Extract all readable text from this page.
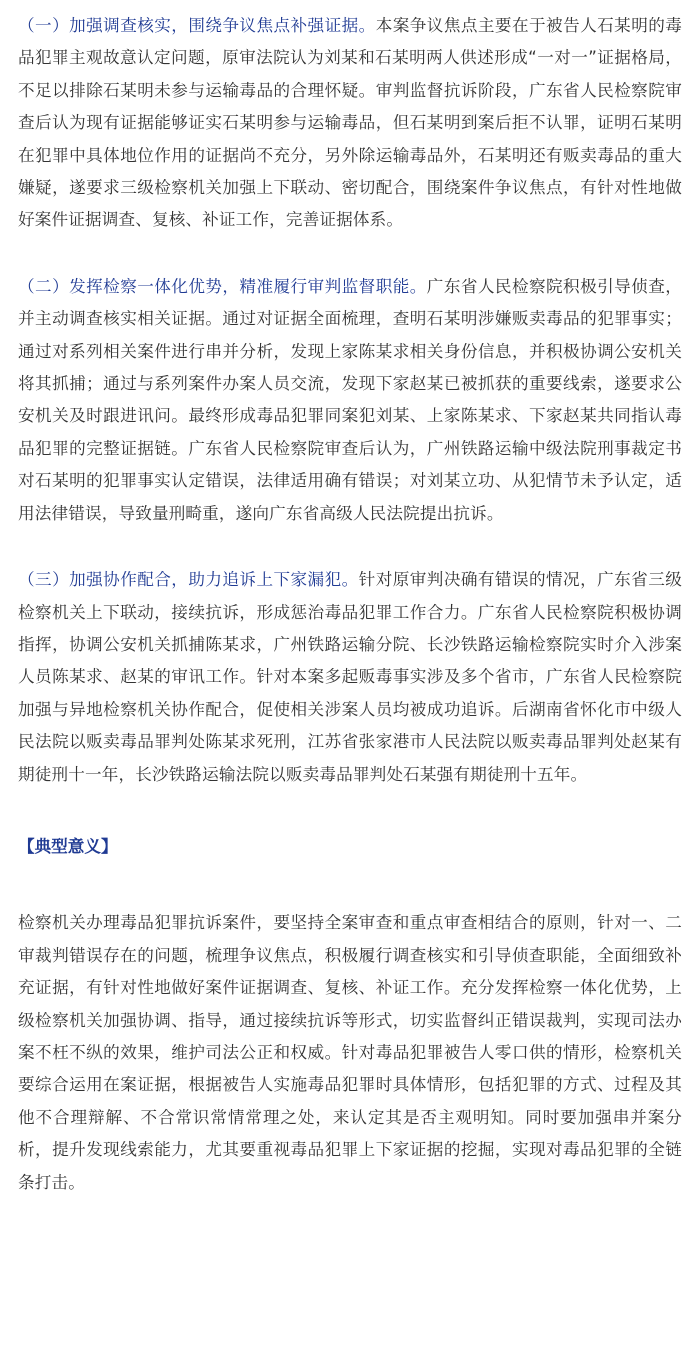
（一）加强调查核实，围绕争议焦点补强证据。本案争议焦点主要在于被告人石某明的毒品犯罪主观故意认定问题，原审法院认为刘某和石某明两人供述形成“一对一”证据格局，不足以排除石某明未参与运输毒品的合理怀疑。审判监督抗诉阶段，广东省人民检察院审查后认为现有证据能够证实石某明参与运输毒品，但石某明到案后拒不认罪，证明石某明在犯罪中具体地位作用的证据尚不充分，另外除运输毒品外，石某明还有贩卖毒品的重大嫌疑，遂要求三级检察机关加强上下联动、密切配合，围绕案件争议焦点，有针对性地做好案件证据调查、复核、补证工作，完善证据体系。

（二）发挥检察一体化优势，精准履行审判监督职能。广东省人民检察院积极引导侦查，并主动调查核实相关证据。通过对证据全面梳理，查明石某明涉嫌贩卖毒品的犯罪事实；通过对系列相关案件进行串并分析，发现上家陈某求相关身份信息，并积极协调公安机关将其抓捕；通过与系列案件办案人员交流，发现下家赵某已被抓获的重要线索，遂要求公安机关及时跟进讯问。最终形成毒品犯罪同案犯刘某、上家陈某求、下家赵某共同指认毒品犯罪的完整证据链。广东省人民检察院审查后认为，广州铁路运输中级法院刑事裁定书对石某明的犯罪事实认定错误，法律适用确有错误；对刘某立功、从犯情节未予认定，适用法律错误，导致量刑畸重，遂向广东省高级人民法院提出抗诉。

（三）加强协作配合，助力追诉上下家漏犯。针对原审判决确有错误的情况，广东省三级检察机关上下联动，接续抗诉，形成惩治毒品犯罪工作合力。广东省人民检察院积极协调指挥，协调公安机关抓捕陈某求，广州铁路运输分院、长沙铁路运输检察院实时介入涉案人员陈某求、赵某的审讯工作。针对本案多起贩毒事实涉及多个省市，广东省人民检察院加强与异地检察机关协作配合，促使相关涉案人员均被成功追诉。后湖南省怀化市中级人民法院以贩卖毒品罪判处陈某求死刑，江苏省张家港市人民法院以贩卖毒品罪判处赵某有期徒刑十一年，长沙铁路运输法院以贩卖毒品罪判处石某强有期徒刑十五年。

【典型意义】

检察机关办理毒品犯罪抗诉案件，要坚持全案审查和重点审查相结合的原则，针对一、二审裁判错误存在的问题，梳理争议焦点，积极履行调查核实和引导侦查职能，全面细致补充证据，有针对性地做好案件证据调查、复核、补证工作。充分发挥检察一体化优势，上级检察机关加强协调、指导，通过接续抗诉等形式，切实监督纠正错误裁判，实现司法办案不枉不纵的效果，维护司法公正和权威。针对毒品犯罪被告人零口供的情形，检察机关要综合运用在案证据，根据被告人实施毒品犯罪时具体情形，包括犯罪的方式、过程及其他不合理辩解、不合常识常情常理之处，来认定其是否主观明知。同时要加强串并案分析，提升发现线索能力，尤其要重视毒品犯罪上下家证据的挖掘，实现对毒品犯罪的全链条打击。
